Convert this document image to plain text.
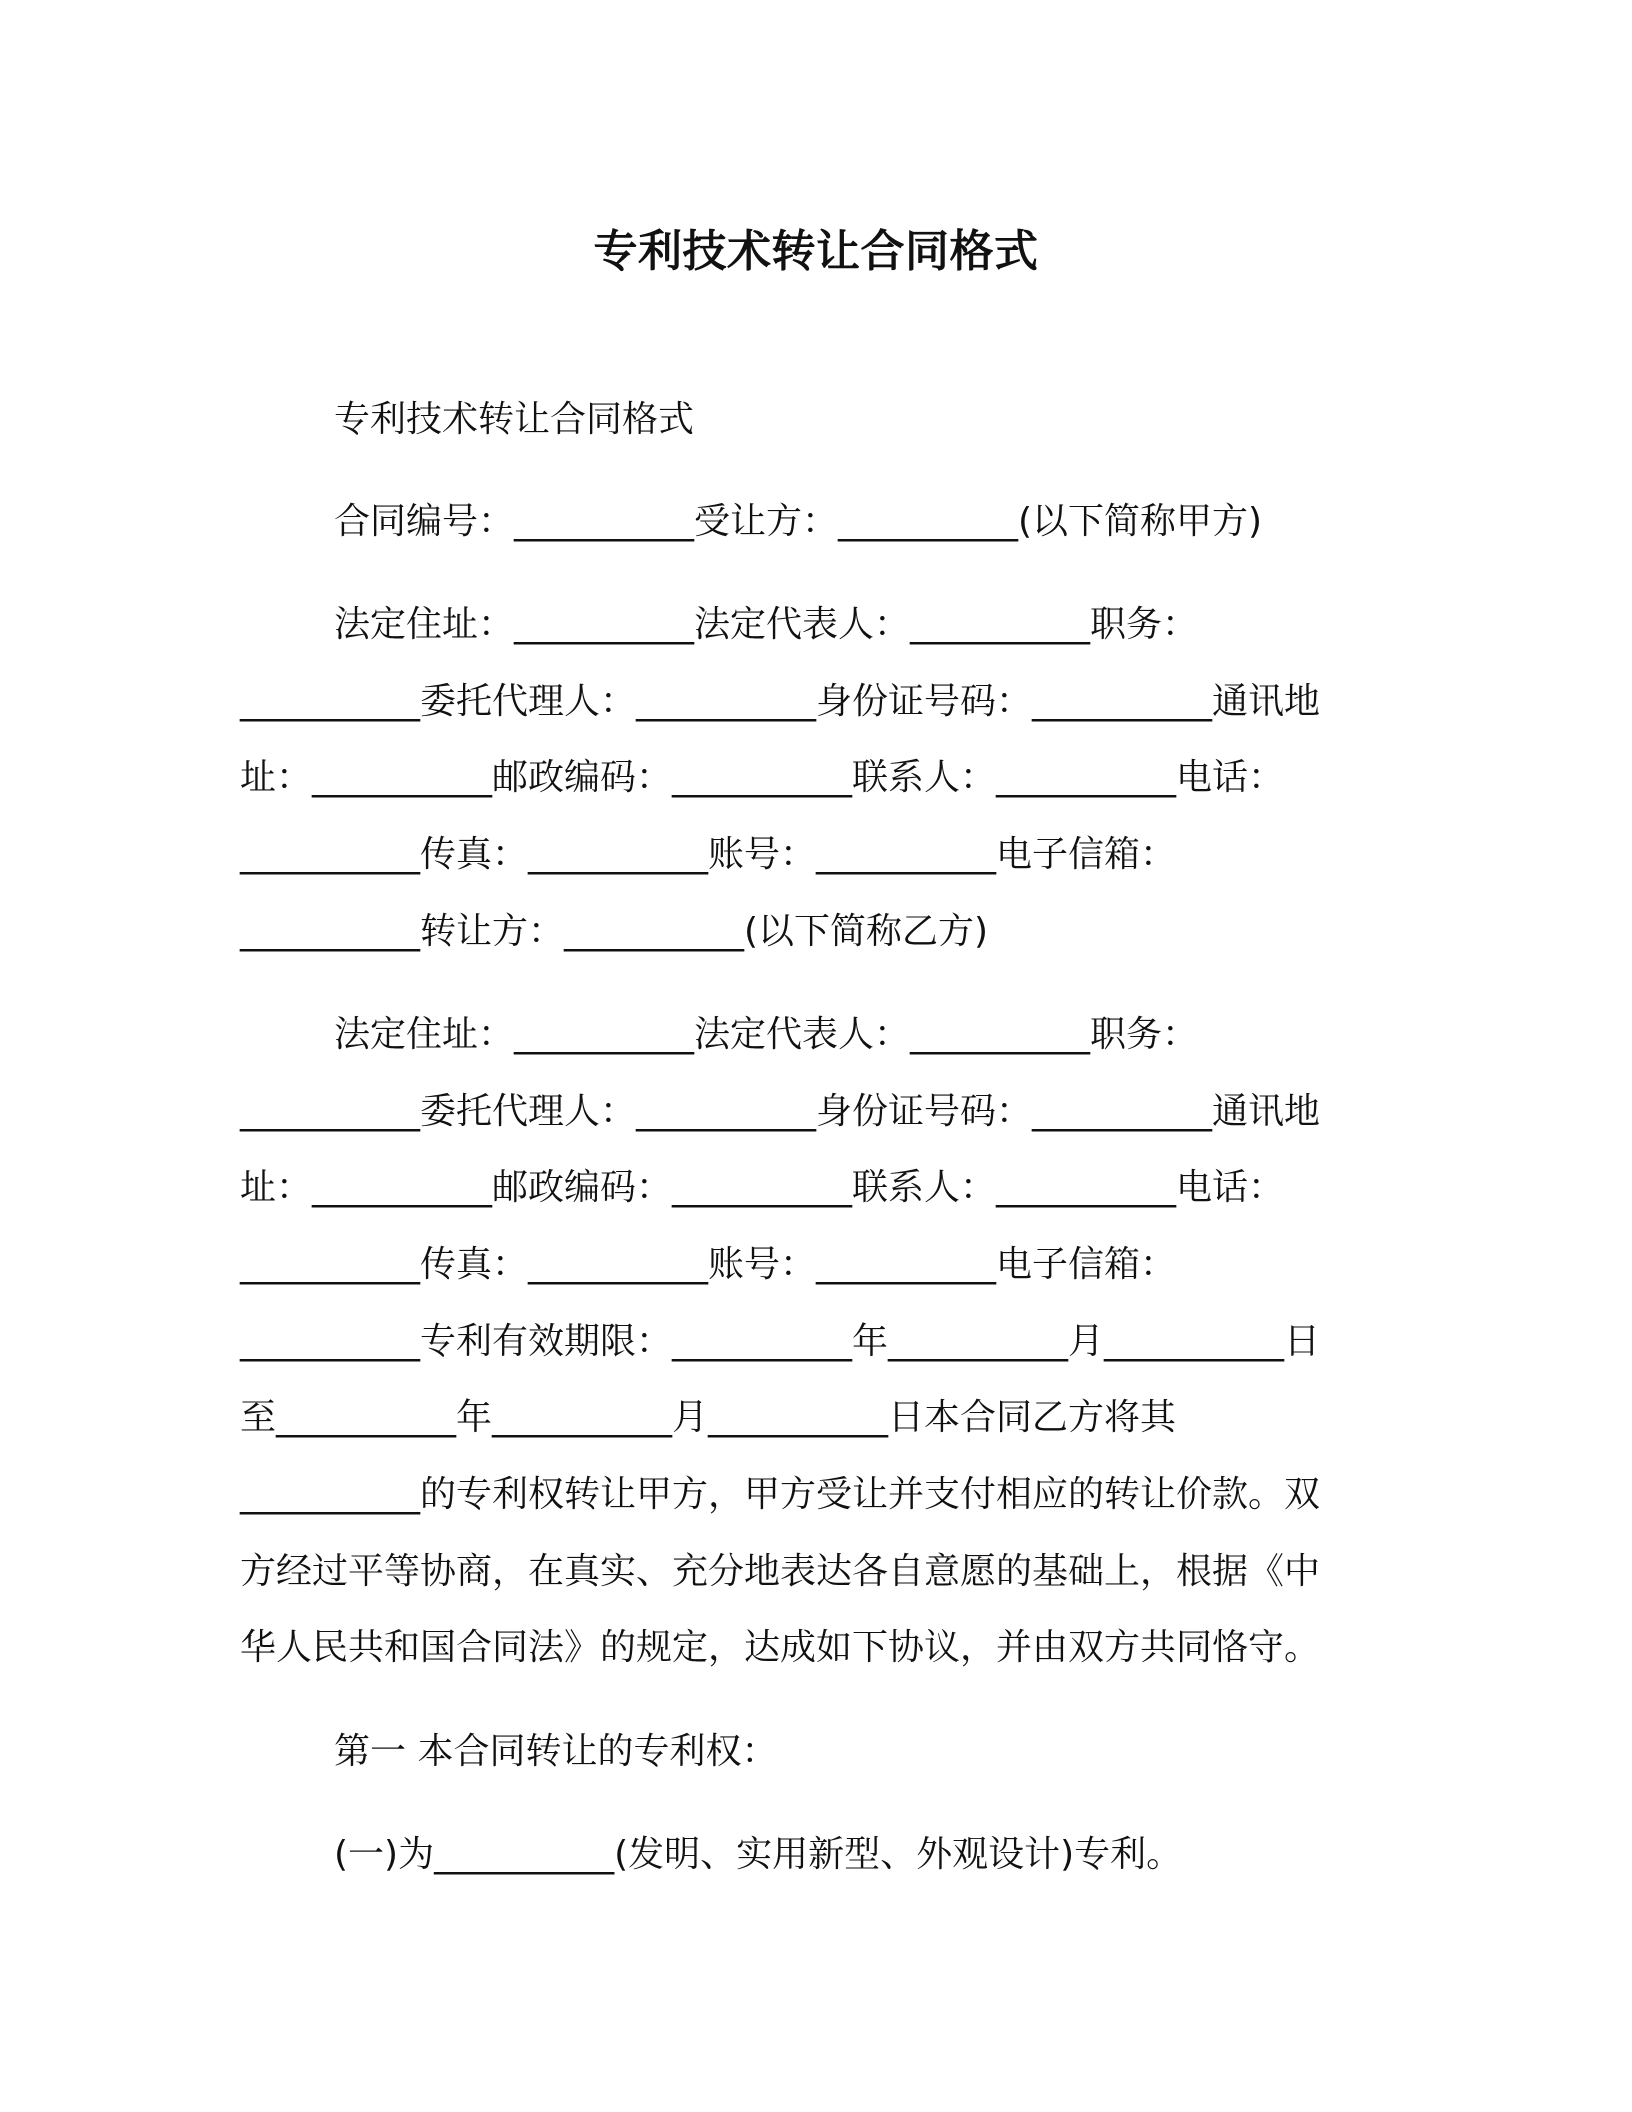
专利技术转让合同格式

专利技术转让合同格式

合同编号：__________受让方：__________(以下简称甲方)

法定住址：__________法定代表人：__________职务：

__________委托代理人：__________身份证号码：__________通讯地

址：__________邮政编码：__________联系人：__________电话：

__________传真：__________账号：__________电子信箱：

__________转让方：__________(以下简称乙方)

法定住址：__________法定代表人：__________职务：

__________委托代理人：__________身份证号码：__________通讯地

址：__________邮政编码：__________联系人：__________电话：

__________传真：__________账号：__________电子信箱：

__________专利有效期限：__________年__________月__________日

至__________年__________月__________日本合同乙方将其

__________的专利权转让甲方，甲方受让并支付相应的转让价款。双

方经过平等协商，在真实、充分地表达各自意愿的基础上，根据《中

华人民共和国合同法》的规定，达成如下协议，并由双方共同恪守。

第一 本合同转让的专利权：

(一)为__________(发明、实用新型、外观设计)专利。
